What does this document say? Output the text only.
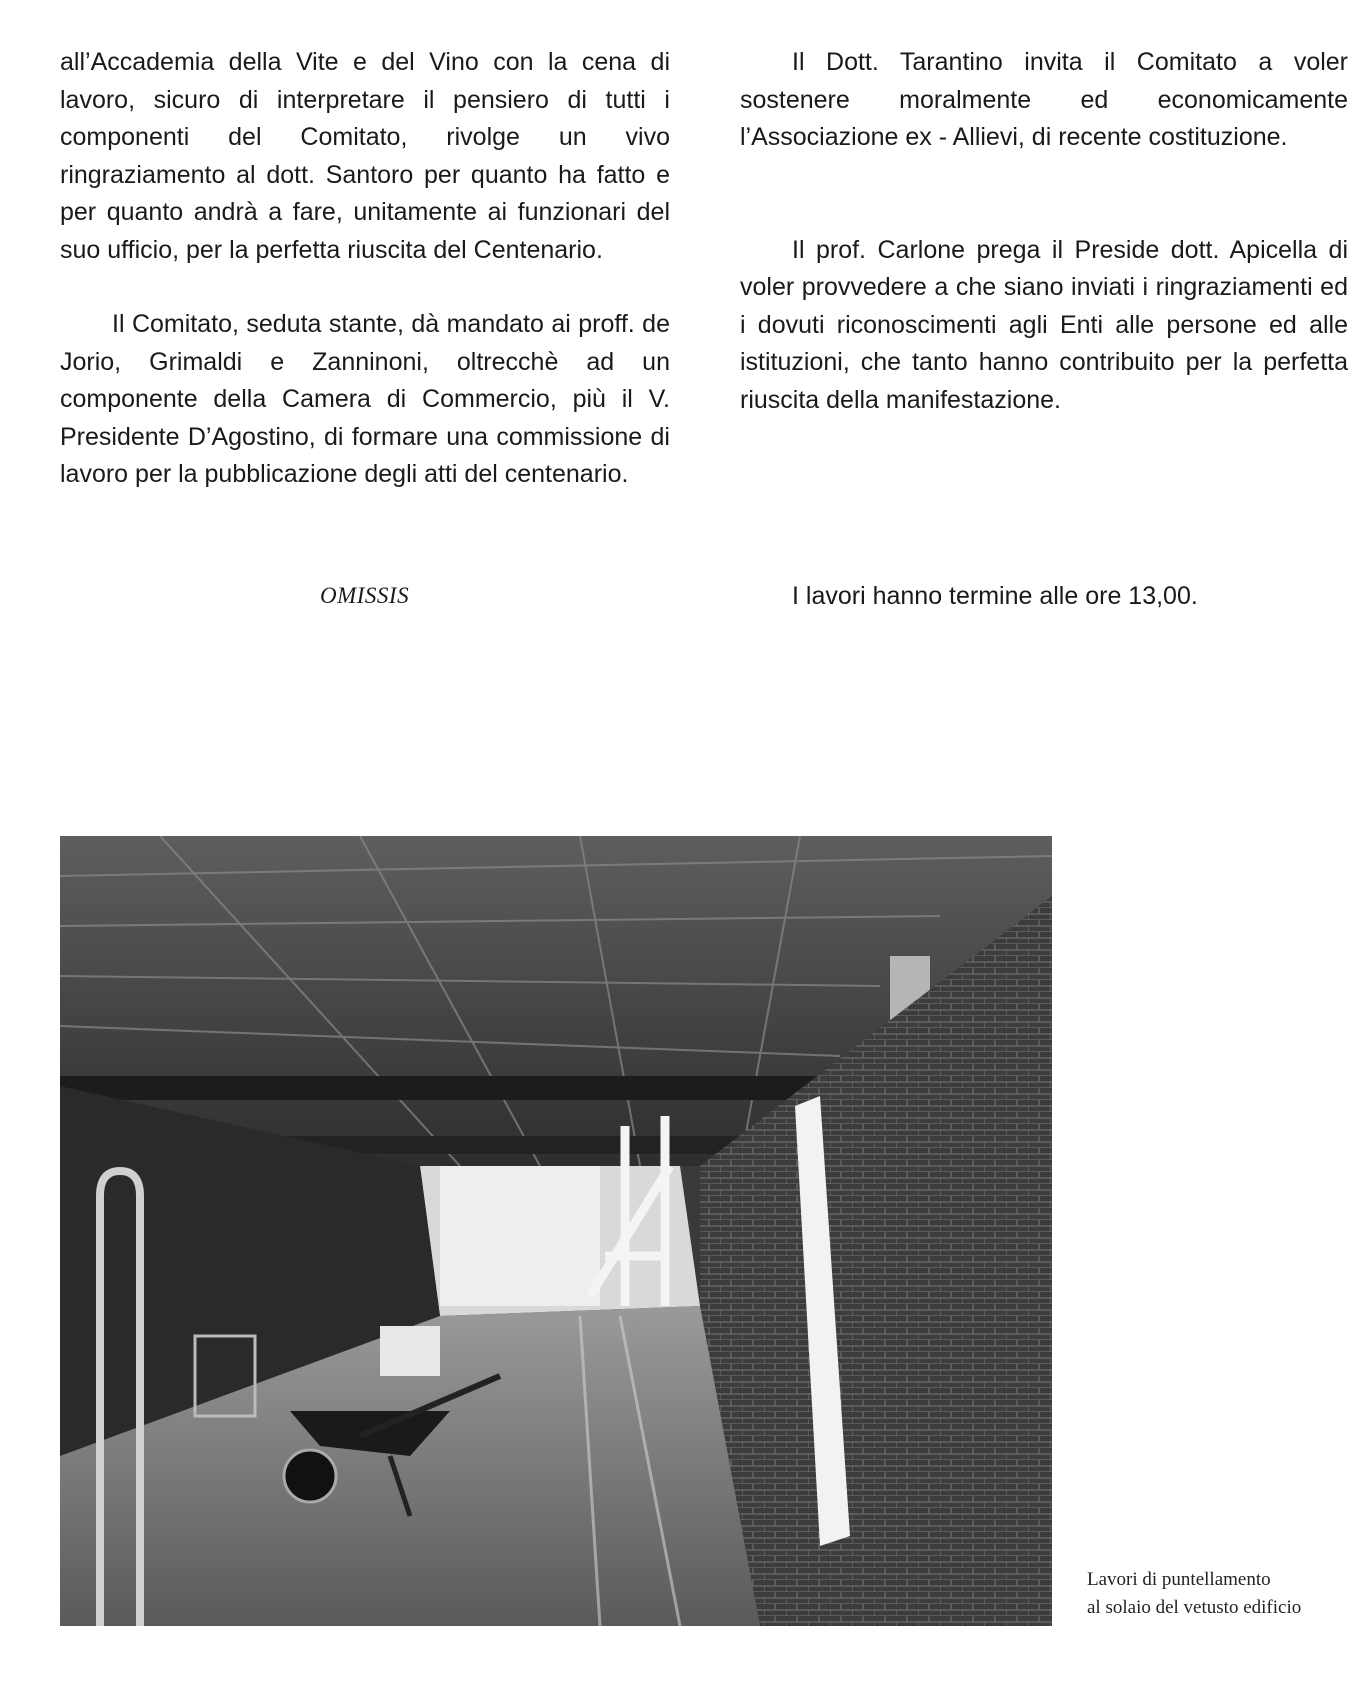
all’Accademia della Vite e del Vino con la cena di lavoro, sicuro di interpretare il pensiero di tutti i componenti del Comitato, rivolge un vivo ringraziamento al dott. Santoro per quanto ha fatto e per quanto andrà a fare, unitamente ai funzionari del suo ufficio, per la perfetta riuscita del Centenario.

Il Comitato, seduta stante, dà mandato ai proff. de Jorio, Grimaldi e Zanninoni, oltrecchè ad un componente della Camera di Commercio, più il V. Presidente D’Agostino, di formare una commissione di lavoro per la pubblicazione degli atti del centenario.

OMISSIS

Il Dott. Tarantino invita il Comitato a voler sostenere moralmente ed economicamente l’Associazione ex - Allievi, di recente costituzione.

Il prof. Carlone prega il Preside dott. Apicella di voler provvedere a che siano inviati i ringraziamenti ed i dovuti riconoscimenti agli Enti alle persone ed alle istituzioni, che tanto hanno contribuito per la perfetta riuscita della manifestazione.

I lavori hanno termine alle ore 13,00.
Lavori di puntellamento
al solaio del vetusto edificio
